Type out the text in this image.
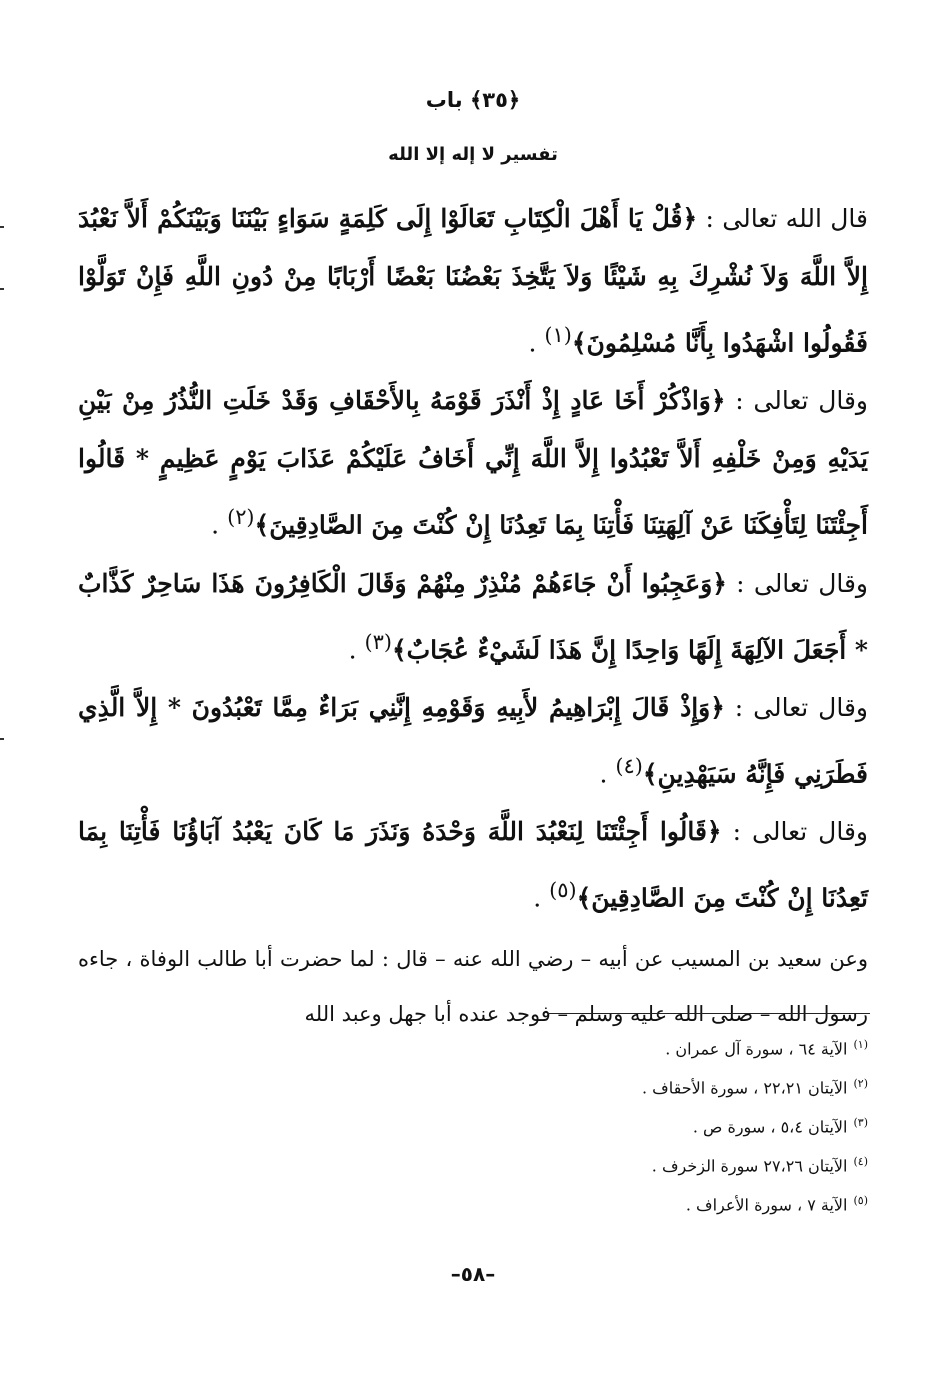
﴿٣٥﴾ باب
تفسير لا إله إلا الله

قال الله تعالى : ﴿قُلْ يَا أَهْلَ الْكِتَابِ تَعَالَوْا إِلَى كَلِمَةٍ سَوَاءٍ بَيْنَنَا وَبَيْنَكُمْ أَلاَّ نَعْبُدَ إِلاَّ اللَّهَ وَلاَ نُشْرِكَ بِهِ شَيْئًا وَلاَ يَتَّخِذَ بَعْضُنَا بَعْضًا أَرْبَابًا مِنْ دُونِ اللَّهِ فَإِنْ تَوَلَّوْا فَقُولُوا اشْهَدُوا بِأَنَّا مُسْلِمُونَ﴾$^{(١)}$ .

وقال تعالى : ﴿وَاذْكُرْ أَخَا عَادٍ إِذْ أَنْذَرَ قَوْمَهُ بِالأَحْقَافِ وَقَدْ خَلَتِ النُّذُرُ مِنْ بَيْنِ يَدَيْهِ وَمِنْ خَلْفِهِ أَلاَّ تَعْبُدُوا إِلاَّ اللَّهَ إِنِّي أَخَافُ عَلَيْكُمْ عَذَابَ يَوْمٍ عَظِيمٍ * قَالُوا أَجِئْتَنَا لِتَأْفِكَنَا عَنْ آلِهَتِنَا فَأْتِنَا بِمَا تَعِدُنَا إِنْ كُنْتَ مِنَ الصَّادِقِينَ﴾$^{(٢)}$ .

وقال تعالى : ﴿وَعَجِبُوا أَنْ جَاءَهُمْ مُنْذِرٌ مِنْهُمْ وَقَالَ الْكَافِرُونَ هَذَا سَاحِرٌ كَذَّابٌ * أَجَعَلَ الآلِهَةَ إِلَهًا وَاحِدًا إِنَّ هَذَا لَشَيْءٌ عُجَابٌ﴾$^{(٣)}$ .

وقال تعالى : ﴿وَإِذْ قَالَ إِبْرَاهِيمُ لأَبِيهِ وَقَوْمِهِ إِنَّنِي بَرَاءٌ مِمَّا تَعْبُدُونَ * إِلاَّ الَّذِي فَطَرَنِي فَإِنَّهُ سَيَهْدِينِ﴾$^{(٤)}$ .

وقال تعالى : ﴿قَالُوا أَجِئْتَنَا لِنَعْبُدَ اللَّهَ وَحْدَهُ وَنَذَرَ مَا كَانَ يَعْبُدُ آبَاؤُنَا فَأْتِنَا بِمَا تَعِدُنَا إِنْ كُنْتَ مِنَ الصَّادِقِينَ﴾$^{(٥)}$ .

وعن سعيد بن المسيب عن أبيه – رضي الله عنه – قال : لما حضرت أبا طالب الوفاة ، جاءه رسول الله – صلى الله عليه وسلم – فوجد عنده أبا جهل وعبد الله

$^{(١)}$الآية ٦٤ ، سورة آل عمران .
$^{(٢)}$الآيتان ٢٢،٢١ ، سورة الأحقاف .
$^{(٣)}$الآيتان ٥،٤ ، سورة ص .
$^{(٤)}$الآيتان ٢٧،٢٦ سورة الزخرف .
$^{(٥)}$الآية ٧ ، سورة الأعراف .
–٥٨–
